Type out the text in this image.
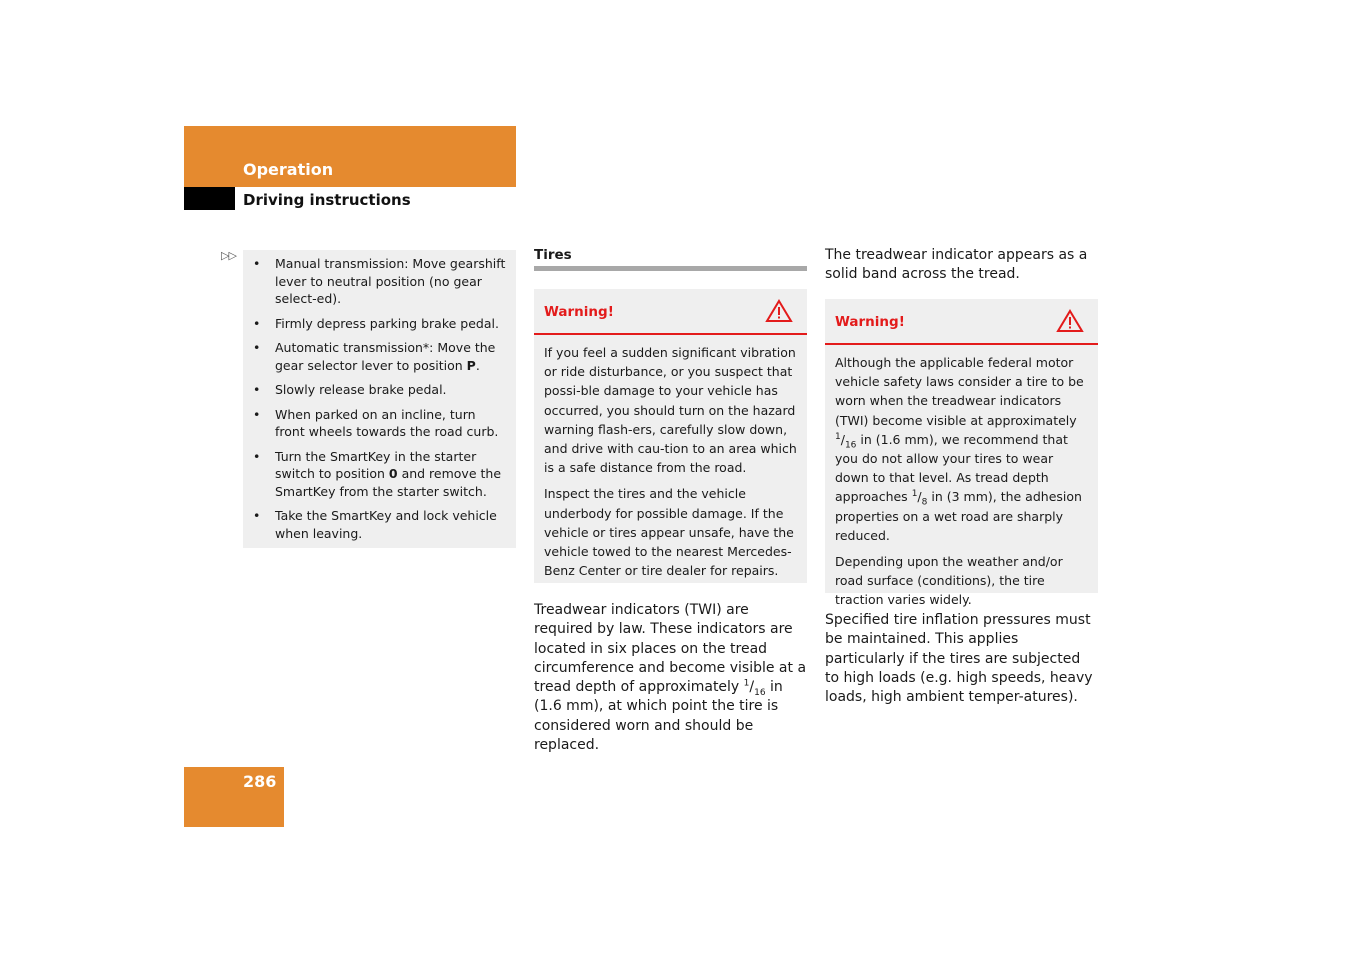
Operation
Driving instructions
▷▷
• Manual transmission: Move gearshift lever to neutral position (no gear select-ed).
• Firmly depress parking brake pedal.
• Automatic transmission*: Move the gear selector lever to position P.
• Slowly release brake pedal.
• When parked on an incline, turn front wheels towards the road curb.
• Turn the SmartKey in the starter switch to position 0 and remove the SmartKey from the starter switch.
• Take the SmartKey and lock vehicle when leaving.
Tires
Warning!

If you feel a sudden significant vibration or ride disturbance, or you suspect that possi-ble damage to your vehicle has occurred, you should turn on the hazard warning flash-ers, carefully slow down, and drive with cau-tion to an area which is a safe distance from the road.

Inspect the tires and the vehicle underbody for possible damage. If the vehicle or tires appear unsafe, have the vehicle towed to the nearest Mercedes-Benz Center or tire dealer for repairs.

Treadwear indicators (TWI) are required by law. These indicators are located in six places on the tread circumference and become visible at a tread depth of approximately $^1/_{16}$ in (1.6 mm), at which point the tire is considered worn and should be replaced.

The treadwear indicator appears as a solid band across the tread.

Warning!

Although the applicable federal motor vehicle safety laws consider a tire to be worn when the treadwear indicators (TWI) become visible at approximately $^1/_{16}$ in (1.6 mm), we recommend that you do not allow your tires to wear down to that level. As tread depth approaches $^1/_8$ in (3 mm), the adhesion properties on a wet road are sharply reduced.

Depending upon the weather and/or road surface (conditions), the tire traction varies widely.

Specified tire inflation pressures must be maintained. This applies particularly if the tires are subjected to high loads (e.g. high speeds, heavy loads, high ambient temper-atures).

286
